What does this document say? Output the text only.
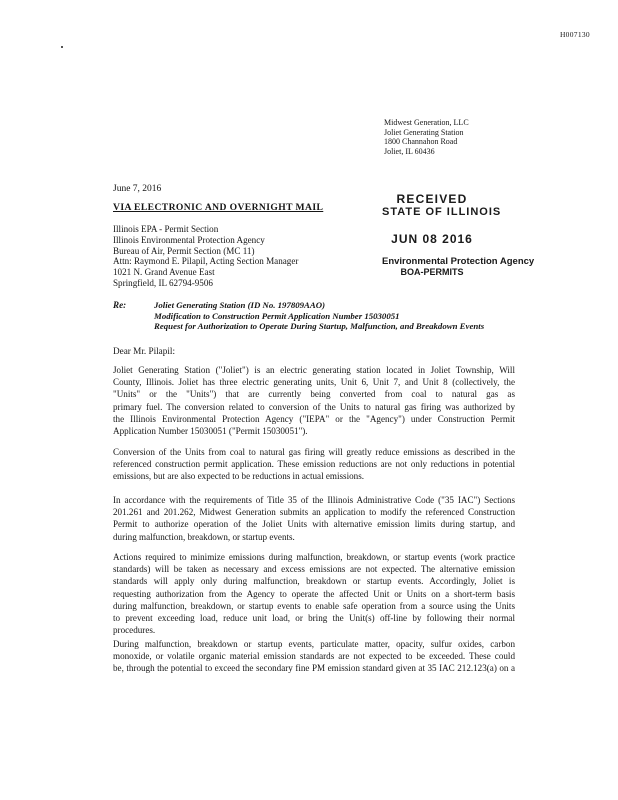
H007130
Midwest Generation, LLC
Joliet Generating Station
1800 Channahon Road
Joliet, IL 60436
June 7, 2016
VIA ELECTRONIC AND OVERNIGHT MAIL
RECEIVED
STATE OF ILLINOIS
JUN 08 2016
Environmental Protection Agency
BOA-PERMITS
Illinois EPA - Permit Section
Illinois Environmental Protection Agency
Bureau of Air, Permit Section (MC 11)
Attn: Raymond E. Pilapil, Acting Section Manager
1021 N. Grand Avenue East
Springfield, IL 62794-9506
Re:	Joliet Generating Station (ID No. 197809AAO)
Modification to Construction Permit Application Number 15030051
Request for Authorization to Operate During Startup, Malfunction, and Breakdown Events
Dear Mr. Pilapil:
Joliet Generating Station ("Joliet") is an electric generating station located in Joliet Township, Will
County, Illinois. Joliet has three electric generating units, Unit 6, Unit 7, and Unit 8 (collectively, the
"Units" or the "Units") that are currently being converted from coal to natural gas as
primary fuel. The conversion related to conversion of the Units to natural gas firing was authorized by
the Illinois Environmental Protection Agency ("IEPA" or the "Agency") under Construction Permit
Application Number 15030051 ("Permit 15030051").
Conversion of the Units from coal to natural gas firing will greatly reduce emissions as described in the
referenced construction permit application. These emission reductions are not only reductions in potential
emissions, but are also expected to be reductions in actual emissions.
In accordance with the requirements of Title 35 of the Illinois Administrative Code ("35 IAC") Sections
201.261 and 201.262, Midwest Generation submits an application to modify the referenced Construction
Permit to authorize operation of the Joliet Units with alternative emission limits during startup, and
during malfunction, breakdown, or startup events.
Actions required to minimize emissions during malfunction, breakdown, or startup events (work practice
standards) will be taken as necessary and excess emissions are not expected. The alternative emission
standards will apply only during malfunction, breakdown or startup events. Accordingly, Joliet is
requesting authorization from the Agency to operate the affected Unit or Units on a short-term basis
during malfunction, breakdown, or startup events to enable safe operation from a source using the Units
to prevent exceeding load, reduce unit load, or bring the Unit(s) off-line by following their normal
procedures.
During malfunction, breakdown or startup events, particulate matter, opacity, sulfur oxides, carbon
monoxide, or volatile organic material emission standards are not expected to be exceeded. These could
be, through the potential to exceed the secondary fine PM emission standard given at 35 IAC 212.123(a) on a
